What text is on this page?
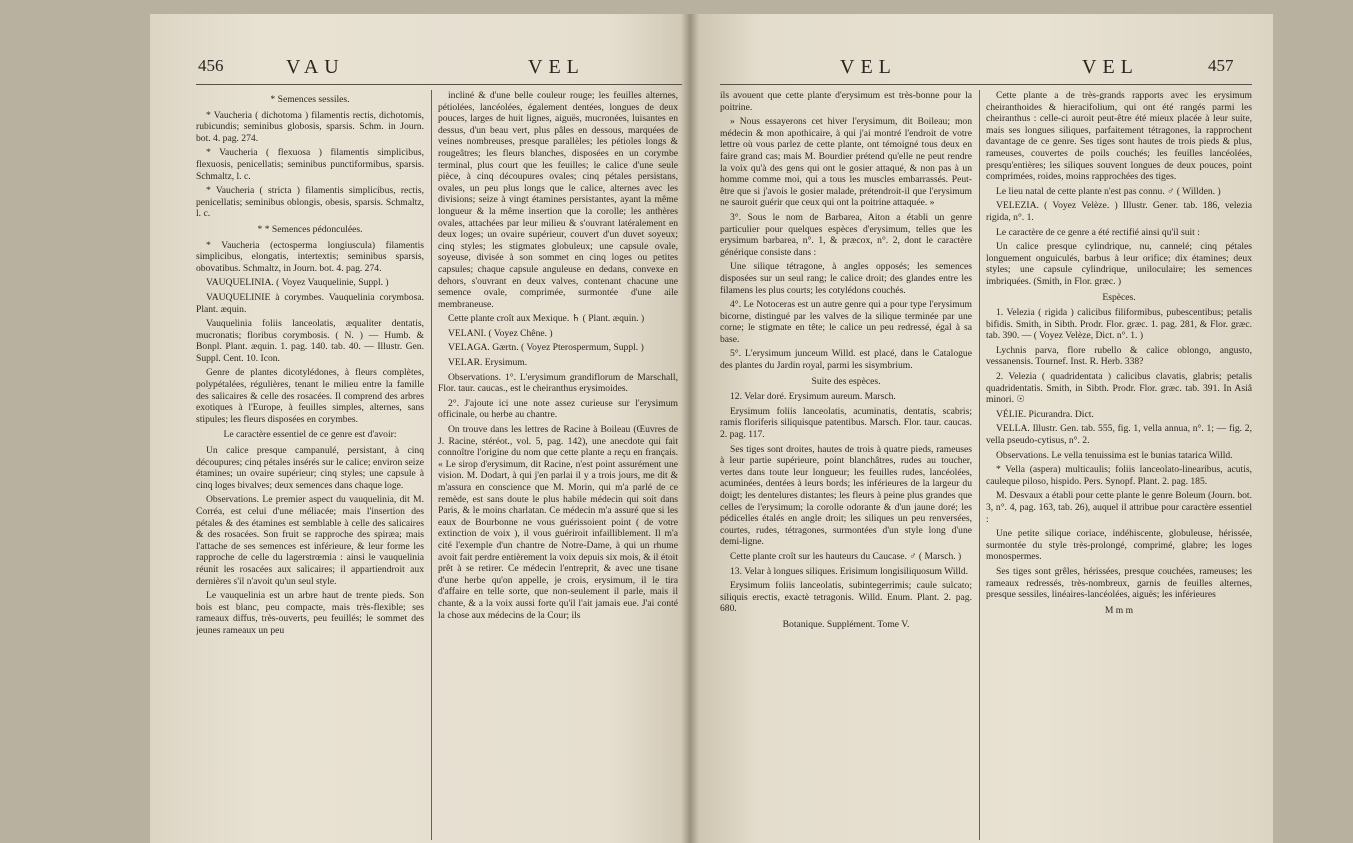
456	VAU	VEL

* Semences sessiles.

* Vaucheria ( dichotoma ) filamentis rectis, dichotomis, rubicundis; seminibus globosis, sparsis. Schm. in Journ. bot. 4. pag. 274.

* Vaucheria ( flexuosa ) filamentis simplicibus, flexuosis, penicellatis; seminibus punctiformibus, sparsis. Schmaltz, l. c.

* Vaucheria ( stricta ) filamentis simplicibus, rectis, penicellatis; seminibus oblongis, obesis, sparsis. Schmaltz, l. c.

* * Semences pédonculées.

* Vaucheria (ectosperma longiuscula) filamentis simplicibus, elongatis, intertextis; seminibus sparsis, obovatibus. Schmaltz, in Journ. bot. 4. pag. 274.

VAUQUELINIA. ( Voyez Vauquelinie, Suppl. )

VAUQUELINIE à corymbes. Vauquelinia corymbosa. Plant. æquin.

Vauquelinia foliis lanceolatis, æqualiter dentatis, mucronatis; floribus corymbosis. ( N. ) — Humb. & Bonpl. Plant. æquin. 1. pag. 140. tab. 40. — Illustr. Gen. Suppl. Cent. 10. Icon.

Genre de plantes dicotylédones, à fleurs complètes, polypétalées, régulières, tenant le milieu entre la famille des salicaires & celle des rosacées. Il comprend des arbres exotiques à l'Europe, à feuilles simples, alternes, sans stipules; les fleurs disposées en corymbes.

Le caractère essentiel de ce genre est d'avoir:

Un calice presque campanulé, persistant, à cinq découpures; cinq pétales insérés sur le calice; environ seize étamines; un ovaire supérieur; cinq styles; une capsule à cinq loges bivalves; deux semences dans chaque loge.

Observations. Le premier aspect du vauquelinia, dit M. Corréa, est celui d'une méliacée; mais l'insertion des pétales & des étamines est semblable à celle des salicaires & des rosacées. Son fruit se rapproche des spiræa; mais l'attache de ses semences est inférieure, & leur forme les rapproche de celle du lagerstrœmia : ainsi le vauquelinia réunit les rosacées aux salicaires; il appartiendroit aux dernières s'il n'avoit qu'un seul style.

Le vauquelinia est un arbre haut de trente pieds. Son bois est blanc, peu compacte, mais très-flexible; ses rameaux diffus, très-ouverts, peu feuillés; le sommet des jeunes rameaux un peu

incliné & d'une belle couleur rouge; les feuilles alternes, pétiolées, lancéolées, également dentées, longues de deux pouces, larges de huit lignes, aiguës, mucronées, luisantes en dessus, d'un beau vert, plus pâles en dessous, marquées de veines nombreuses, presque parallèles; les pétioles longs & rougeâtres; les fleurs blanches, disposées en un corymbe terminal, plus court que les feuilles; le calice d'une seule pièce, à cinq découpures ovales; cinq pétales persistans, ovales, un peu plus longs que le calice, alternes avec les divisions; seize à vingt étamines persistantes, ayant la même longueur & la même insertion que la corolle; les anthères ovales, attachées par leur milieu & s'ouvrant latéralement en deux loges; un ovaire supérieur, couvert d'un duvet soyeux; cinq styles; les stigmates globuleux; une capsule ovale, soyeuse, divisée à son sommet en cinq loges ou petites capsules; chaque capsule anguleuse en dedans, convexe en dehors, s'ouvrant en deux valves, contenant chacune une semence ovale, comprimée, surmontée d'une aile membraneuse.

Cette plante croît aux Mexique. ♄ ( Plant. æquin. )

VELANI. ( Voyez Chêne. )

VELAGA. Gærtn. ( Voyez Pterospermum, Suppl. )

VELAR. Erysimum.

Observations. 1°. L'erysimum grandiflorum de Marschall, Flor. taur. caucas., est le cheiranthus erysimoides.

2°. J'ajoute ici une note assez curieuse sur l'erysimum officinale, ou herbe au chantre.

On trouve dans les lettres de Racine à Boileau (Œuvres de J. Racine, stéréot., vol. 5, pag. 142), une anecdote qui fait connoître l'origine du nom que cette plante a reçu en français. « Le sirop d'erysimum, dit Racine, n'est point assurément une vision. M. Dodart, à qui j'en parlai il y a trois jours, me dit & m'assura en conscience que M. Morin, qui m'a parlé de ce remède, est sans doute le plus habile médecin qui soit dans Paris, & le moins charlatan. Ce médecin m'a assuré que si les eaux de Bourbonne ne vous guérissoient point ( de votre extinction de voix ), il vous guériroit infailliblement. Il m'a cité l'exemple d'un chantre de Notre-Dame, à qui un rhume avoit fait perdre entièrement la voix depuis six mois, & il étoit prêt à se retirer. Ce médecin l'entreprit, & avec une tisane d'une herbe qu'on appelle, je crois, erysimum, il le tira d'affaire en telle sorte, que non-seulement il parle, mais il chante, & a la voix aussi forte qu'il l'ait jamais eue. J'ai conté la chose aux médecins de la Cour; ils

VEL	VEL	457

ils avouent que cette plante d'erysimum est très-bonne pour la poitrine.

» Nous essayerons cet hiver l'erysimum, dit Boileau; mon médecin & mon apothicaire, à qui j'ai montré l'endroit de votre lettre où vous parlez de cette plante, ont témoigné tous deux en faire grand cas; mais M. Bourdier prétend qu'elle ne peut rendre la voix qu'à des gens qui ont le gosier attaqué, & non pas à un homme comme moi, qui a tous les muscles embarrassés. Peut-être que si j'avois le gosier malade, prétendroit-il que l'erysimum ne sauroit guérir que ceux qui ont la poitrine attaquée. »

3°. Sous le nom de Barbarea, Aiton a établi un genre particulier pour quelques espèces d'erysimum, telles que les erysimum barbarea, n°. 1, & præcox, n°. 2, dont le caractère générique consiste dans :

Une silique tétragone, à angles opposés; les semences disposées sur un seul rang; le calice droit; des glandes entre les filamens les plus courts; les cotylédons couchés.

4°. Le Notoceras est un autre genre qui a pour type l'erysimum bicorne, distingué par les valves de la silique terminée par une corne; le stigmate en tête; le calice un peu redressé, égal à sa base.

5°. L'erysimum junceum Willd. est placé, dans le Catalogue des plantes du Jardin royal, parmi les sisymbrium.

Suite des espèces.

12. Velar doré. Erysimum aureum. Marsch.

Erysimum foliis lanceolatis, acuminatis, dentatis, scabris; ramis floriferis siliquisque patentibus. Marsch. Flor. taur. caucas. 2. pag. 117.

Ses tiges sont droites, hautes de trois à quatre pieds, rameuses à leur partie supérieure, point blanchâtres, rudes au toucher, vertes dans toute leur longueur; les feuilles rudes, lancéolées, acuminées, dentées à leurs bords; les inférieures de la largeur du doigt; les dentelures distantes; les fleurs à peine plus grandes que celles de l'erysimum; la corolle odorante & d'un jaune doré; les pédicelles étalés en angle droit; les siliques un peu renversées, courtes, rudes, tétragones, surmontées d'un style long d'une demi-ligne.

Cette plante croît sur les hauteurs du Caucase. ♂ ( Marsch. )

13. Velar à longues siliques. Erisimum longisiliquosum Willd.

Erysimum foliis lanceolatis, subintegerrimis; caule sulcato; siliquis erectis, exactè tetragonis. Willd. Enum. Plant. 2. pag. 680.

Botanique. Supplément. Tome V.

Cette plante a de très-grands rapports avec les erysimum cheiranthoides & hieracifolium, qui ont été rangés parmi les cheiranthus : celle-ci auroit peut-être été mieux placée à leur suite, mais ses longues siliques, parfaitement tétragones, la rapprochent davantage de ce genre. Ses tiges sont hautes de trois pieds & plus, rameuses, couvertes de poils couchés; les feuilles lancéolées, presqu'entières; les siliques souvent longues de deux pouces, point comprimées, roides, moins rapprochées des tiges.

Le lieu natal de cette plante n'est pas connu. ♂ ( Willden. )

VELEZIA. ( Voyez Velèze. ) Illustr. Gener. tab. 186, velezia rigida, n°. 1.

Le caractère de ce genre a été rectifié ainsi qu'il suit :

Un calice presque cylindrique, nu, cannelé; cinq pétales longuement onguiculés, barbus à leur orifice; dix étamines; deux styles; une capsule cylindrique, uniloculaire; les semences imbriquées. (Smith, in Flor. græc. )

Espèces.

1. Velezia ( rigida ) calicibus filiformibus, pubescentibus; petalis bifidis. Smith, in Sibth. Prodr. Flor. græc. 1. pag. 281, & Flor. græc. tab. 390. — ( Voyez Velèze, Dict. n°. 1. )

Lychnis parva, flore rubello & calice oblongo, angusto, vessanensis. Tournef. Inst. R. Herb. 338?

2. Velezia ( quadridentata ) calicibus clavatis, glabris; petalis quadridentatis. Smith, in Sibth. Prodr. Flor. græc. tab. 391. In Asiâ minori. ☉

VÉLIE. Picurandra. Dict.

VELLA. Illustr. Gen. tab. 555, fig. 1, vella annua, n°. 1; — fig. 2, vella pseudo-cytisus, n°. 2.

Observations. Le vella tenuissima est le bunias tatarica Willd.

* Vella (aspera) multicaulis; foliis lanceolato-linearibus, acutis, cauleque piloso, hispido. Pers. Synopf. Plant. 2. pag. 185.

M. Desvaux a établi pour cette plante le genre Boleum (Journ. bot. 3, n°. 4, pag. 163, tab. 26), auquel il attribue pour caractère essentiel :

Une petite silique coriace, indéhiscente, globuleuse, hérissée, surmontée du style très-prolongé, comprimé, glabre; les loges monospermes.

Ses tiges sont grêles, hérissées, presque couchées, rameuses; les rameaux redressés, très-nombreux, garnis de feuilles alternes, presque sessiles, linéaires-lancéolées, aiguës; les inférieures

M m m
